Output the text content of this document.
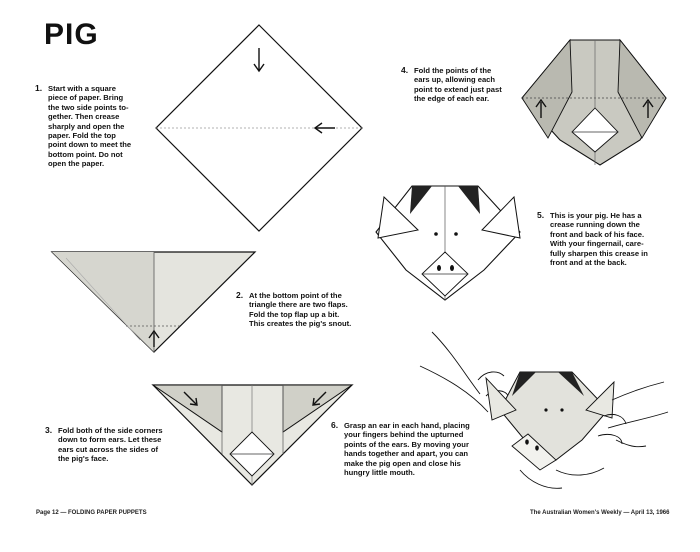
PIG
1. Start with a square
piece of paper. Bring
the two side points to-
gether. Then crease
sharply and open the
paper. Fold the top
point down to meet the
bottom point. Do not
open the paper.
2. At the bottom point of the
triangle there are two flaps.
Fold the top flap up a bit.
This creates the pig's snout.
3. Fold both of the side corners
down to form ears. Let these
ears cut across the sides of
the pig's face.
4. Fold the points of the
ears up, allowing each
point to extend just past
the edge of each ear.
5. This is your pig. He has a
crease running down the
front and back of his face.
With your fingernail, care-
fully sharpen this crease in
front and at the back.
6. Grasp an ear in each hand, placing
your fingers behind the upturned
points of the ears. By moving your
hands together and apart, you can
make the pig open and close his
hungry little mouth.
Page 12 — FOLDING PAPER PUPPETS	The Australian Women's Weekly — April 13, 1966
